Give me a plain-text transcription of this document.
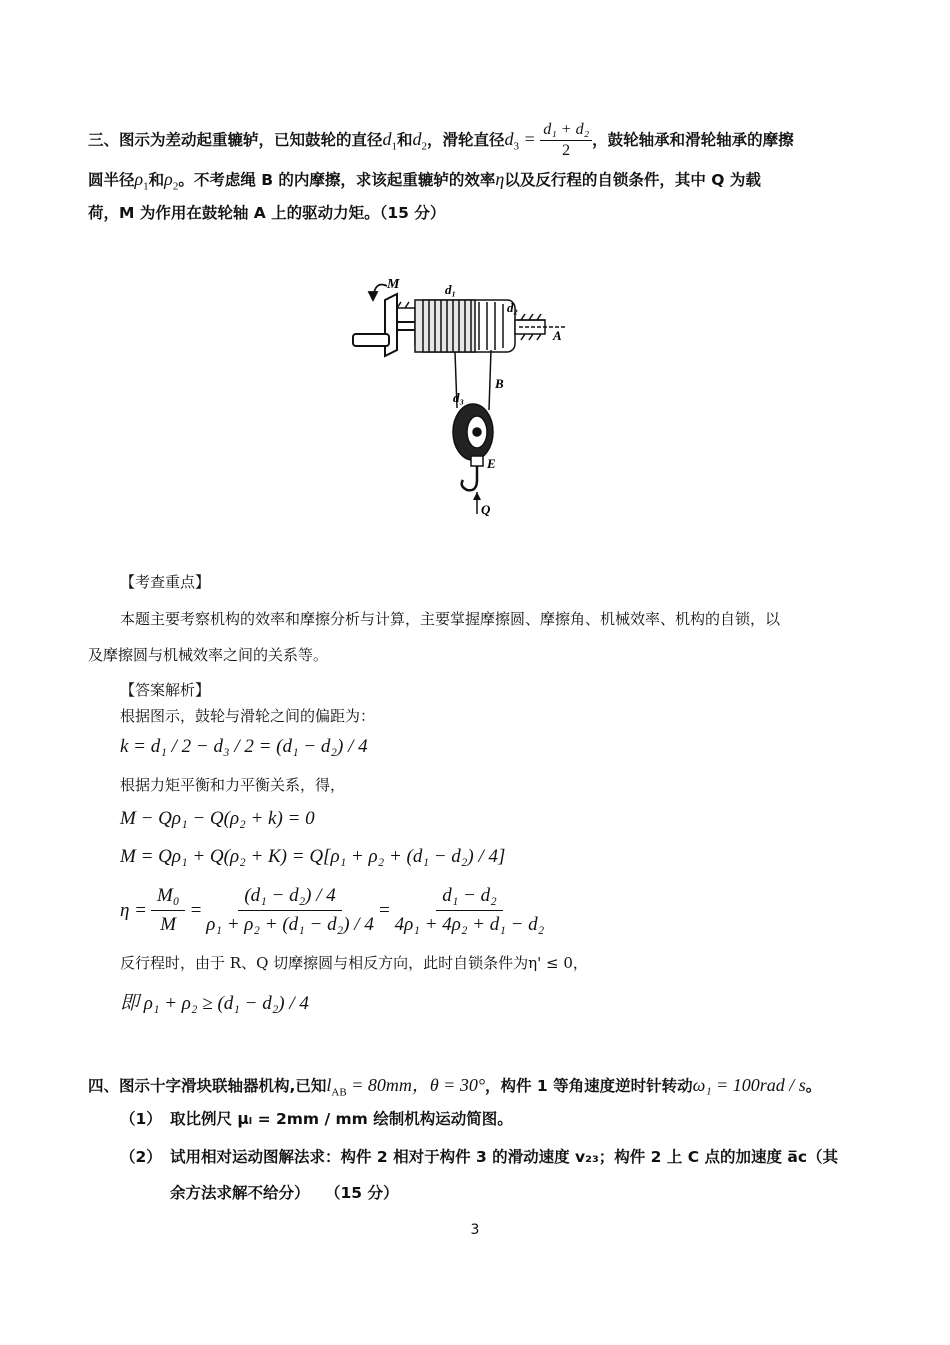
三、图示为差动起重辘轳，已知鼓轮的直径$d_1$和$d_2$，滑轮直径$d_3 = \frac{\text{d₁ + d₂}}{2}$ ，鼓轮轴承和滑轮轴承的摩擦
圆半径$\rho_1$和$\rho_2$。不考虑绳 B 的内摩擦，求该起重辘轳的效率η以及反行程的自锁条件，其中 Q 为载
荷，M 为作用在鼓轮轴 A 上的驱动力矩。（15 分）
M	d₁
d₂
A
B
d₃
E
Q
【考查重点】
本题主要考察机构的效率和摩擦分析与计算，主要掌握摩擦圆、摩擦角、机械效率、机构的自锁，以
及摩擦圆与机械效率之间的关系等。
【答案解析】
根据图示，鼓轮与滑轮之间的偏距为：
k = d₁ / 2 − d₃ / 2 = (d₁ − d₂) / 4
根据力矩平衡和力平衡关系，得，
M − Qρ₁ − Q(ρ₂ + k) = 0
M = Qρ₁ + Q(ρ₂ + K) = Q[ρ₁ + ρ₂ + (d₁ − d₂) / 4]
$\eta = \frac{\text{M₀}}{M} = \frac{\text{(d₁ − d₂) / 4}}{\text{ρ₁ + ρ₂ + (d₁ − d₂) / 4}} = \frac{\text{d₁ − d₂}}{\text{4ρ₁ + 4ρ₂ + d₁ − d₂}}$
反行程时，由于 R、Q 切摩擦圆与相反方向，此时自锁条件为η' ≤ 0，
即 ρ₁ + ρ₂ ≥ (d₁ − d₂) / 4
四、图示十字滑块联轴器机构,已知$l_{AB} = 80mm$，θ = 30°，构件 1 等角速度逆时针转动ω₁ = 100rad / s。
（1） 取比例尺 μₗ = 2mm / mm 绘制机构运动简图。
（2） 试用相对运动图解法求：构件 2 相对于构件 3 的滑动速度 v₂₃；构件 2 上 C 点的加速度 a̅c（其
余方法求解不给分）　　（15 分）
3
